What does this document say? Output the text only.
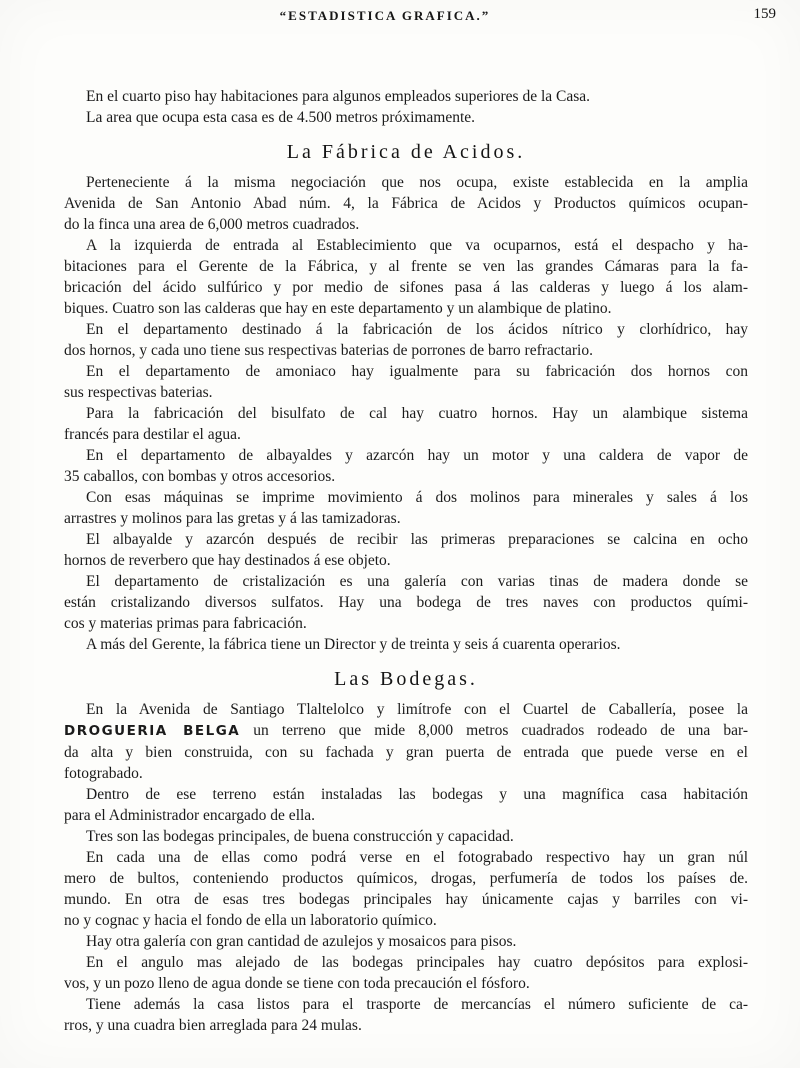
“ESTADISTICA GRAFICA.”	159
En el cuarto piso hay habitaciones para algunos empleados superiores de la Casa.
La area que ocupa esta casa es de 4.500 metros próximamente.
La Fábrica de Acidos.
Perteneciente á la misma negociación que nos ocupa, existe establecida en la amplia
Avenida de San Antonio Abad núm. 4, la Fábrica de Acidos y Productos químicos ocupan-
do la finca una area de 6,000 metros cuadrados.
A la izquierda de entrada al Establecimiento que va ocuparnos, está el despacho y ha-
bitaciones para el Gerente de la Fábrica, y al frente se ven las grandes Cámaras para la fa-
bricación del ácido sulfúrico y por medio de sifones pasa á las calderas y luego á los alam-
biques. Cuatro son las calderas que hay en este departamento y un alambique de platino.
En el departamento destinado á la fabricación de los ácidos nítrico y clorhídrico, hay
dos hornos, y cada uno tiene sus respectivas baterias de porrones de barro refractario.
En el departamento de amoniaco hay igualmente para su fabricación dos hornos con
sus respectivas baterias.
Para la fabricación del bisulfato de cal hay cuatro hornos. Hay un alambique sistema
francés para destilar el agua.
En el departamento de albayaldes y azarcón hay un motor y una caldera de vapor de
35 caballos, con bombas y otros accesorios.
Con esas máquinas se imprime movimiento á dos molinos para minerales y sales á los
arrastres y molinos para las gretas y á las tamizadoras.
El albayalde y azarcón después de recibir las primeras preparaciones se calcina en ocho
hornos de reverbero que hay destinados á ese objeto.
El departamento de cristalización es una galería con varias tinas de madera donde se
están cristalizando diversos sulfatos. Hay una bodega de tres naves con productos quími-
cos y materias primas para fabricación.
A más del Gerente, la fábrica tiene un Director y de treinta y seis á cuarenta operarios.
Las Bodegas.
En la Avenida de Santiago Tlaltelolco y limítrofe con el Cuartel de Caballería, posee la
DROGUERIA BELGA un terreno que mide 8,000 metros cuadrados rodeado de una bar-
da alta y bien construida, con su fachada y gran puerta de entrada que puede verse en el
fotograbado.
Dentro de ese terreno están instaladas las bodegas y una magnífica casa habitación
para el Administrador encargado de ella.
Tres son las bodegas principales, de buena construcción y capacidad.
En cada una de ellas como podrá verse en el fotograbado respectivo hay un gran núl
mero de bultos, conteniendo productos químicos, drogas, perfumería de todos los países de.
mundo. En otra de esas tres bodegas principales hay únicamente cajas y barriles con vi-
no y cognac y hacia el fondo de ella un laboratorio químico.
Hay otra galería con gran cantidad de azulejos y mosaicos para pisos.
En el angulo mas alejado de las bodegas principales hay cuatro depósitos para explosi-
vos, y un pozo lleno de agua donde se tiene con toda precaución el fósforo.
Tiene además la casa listos para el trasporte de mercancías el número suficiente de ca-
rros, y una cuadra bien arreglada para 24 mulas.
